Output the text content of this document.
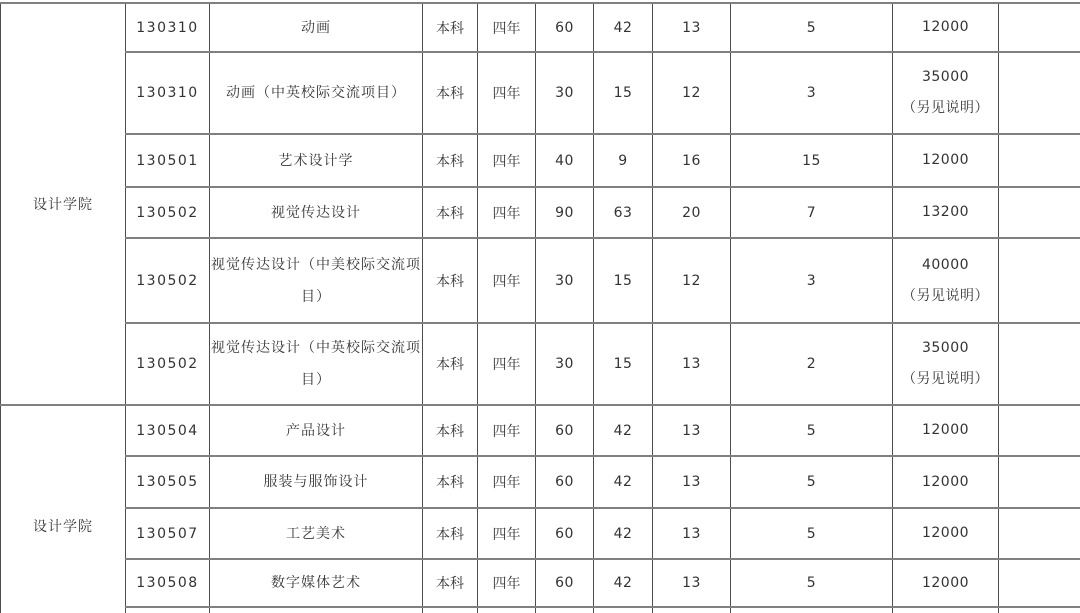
设计学院	130310	动画	本科	四年	60	42	13	5	12000	

	130310	动画（中英校际交流项目）	本科	四年	30	15	12	3	35000
（另见说明）	

	130501	艺术设计学	本科	四年	40	9	16	15	12000	

	130502	视觉传达设计	本科	四年	90	63	20	7	13200	

	130502	视觉传达设计（中美校际交流项目）	本科	四年	30	15	12	3	40000
（另见说明）	

	130502	视觉传达设计（中英校际交流项目）	本科	四年	30	15	13	2	35000
（另见说明）	

设计学院	130504	产品设计	本科	四年	60	42	13	5	12000	

	130505	服装与服饰设计	本科	四年	60	42	13	5	12000	

	130507	工艺美术	本科	四年	60	42	13	5	12000	

	130508	数字媒体艺术	本科	四年	60	42	13	5	12000	
